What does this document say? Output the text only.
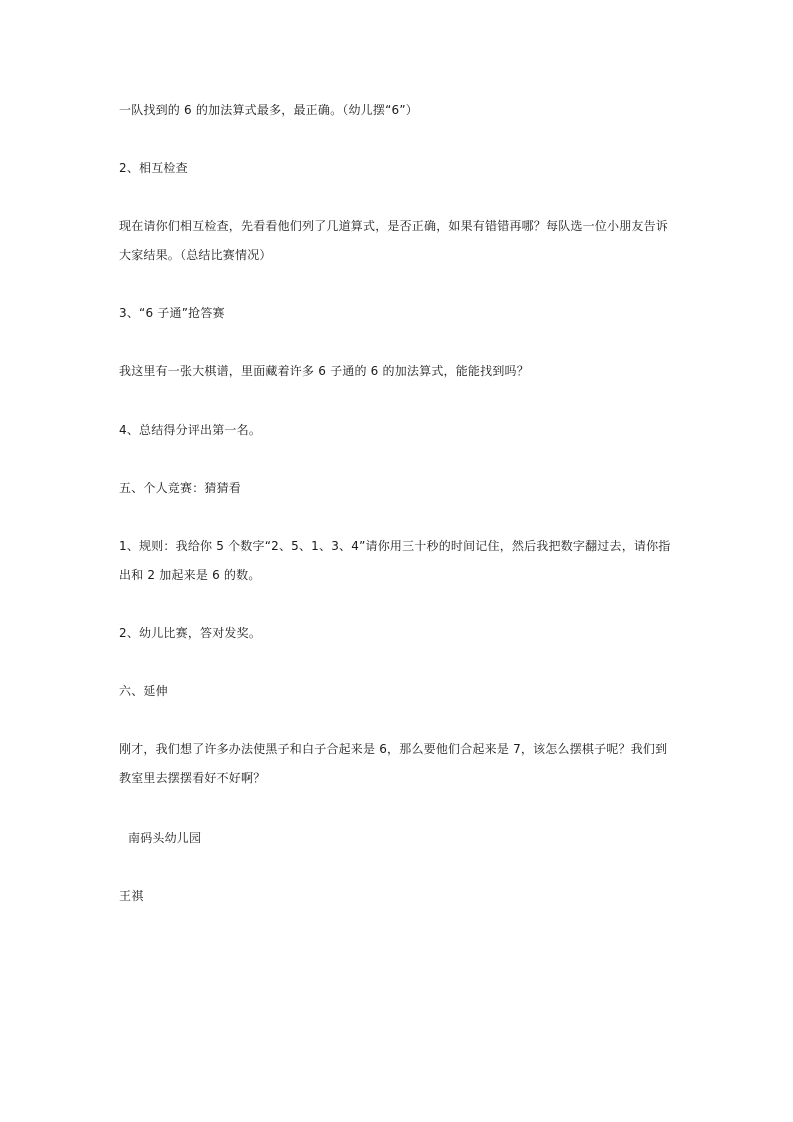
一队找到的 6 的加法算式最多，最正确。（幼儿摆“6”）
2、相互检查
现在请你们相互检查，先看看他们列了几道算式，是否正确，如果有错错再哪？每队选一位小朋友告诉大家结果。（总结比赛情况）
3、“6 子通”抢答赛
我这里有一张大棋谱，里面藏着许多 6 子通的 6 的加法算式，能能找到吗？
4、总结得分评出第一名。
五、个人竞赛：猜猜看
1、规则：我给你 5 个数字“2、5、1、3、4”请你用三十秒的时间记住，然后我把数字翻过去，请你指出和 2 加起来是 6 的数。
2、幼儿比赛，答对发奖。
六、延伸
刚才，我们想了许多办法使黑子和白子合起来是 6，那么要他们合起来是 7，该怎么摆棋子呢？我们到教室里去摆摆看好不好啊？
南码头幼儿园
王祺
